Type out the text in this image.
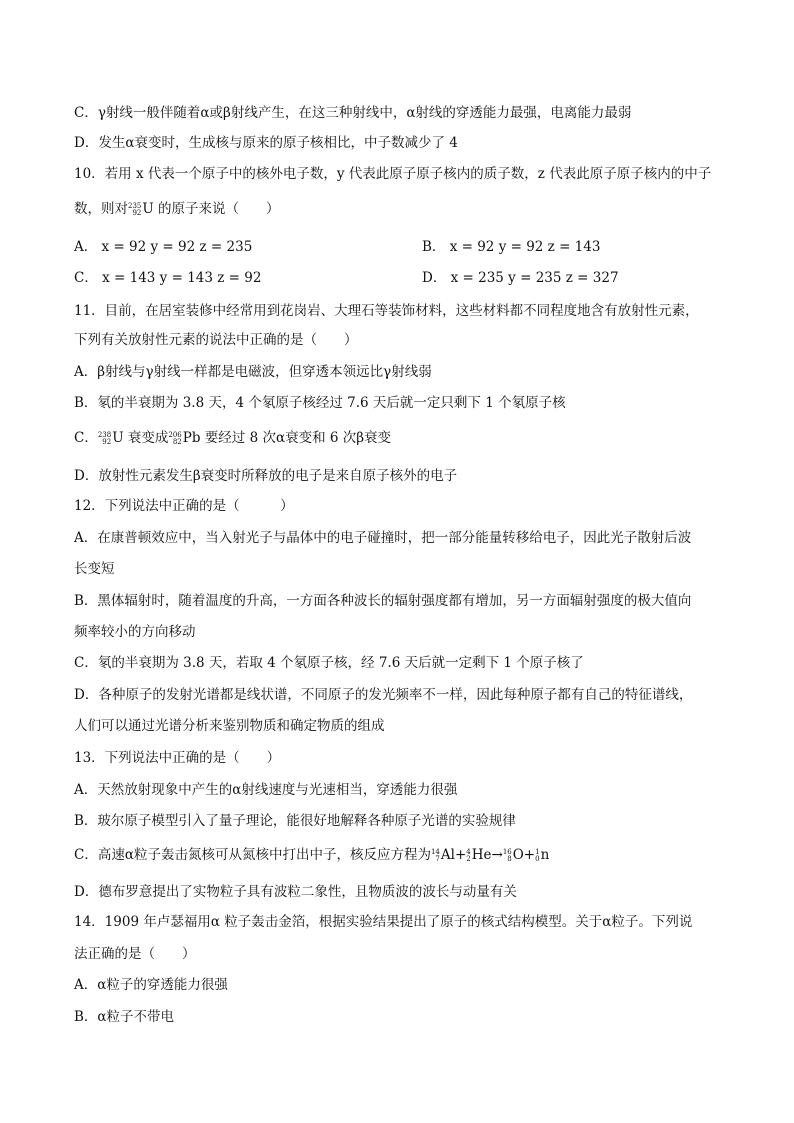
C．γ射线一般伴随着α或β射线产生，在这三种射线中，α射线的穿透能力最强，电离能力最弱
D．发生α衰变时，生成核与原来的原子核相比，中子数减少了 4
10．若用 x 代表一个原子中的核外电子数，y 代表此原子原子核内的质子数，z 代表此原子原子核内的中子
数，则对 235
92 U 的原子来说（　　）
A． x = 92 y = 92 z = 235	B． x = 92 y = 92 z = 143
C． x = 143 y = 143 z = 92	D． x = 235 y = 235 z = 327
11．目前，在居室装修中经常用到花岗岩、大理石等装饰材料，这些材料都不同程度地含有放射性元素，
下列有关放射性元素的说法中正确的是（　　）
A．β射线与γ射线一样都是电磁波，但穿透本领远比γ射线弱
B．氡的半衰期为 3.8 天，4 个氡原子核经过 7.6 天后就一定只剩下 1 个氡原子核
C． 238
92 U 衰变成 206
82 Pb 要经过 8 次α衰变和 6 次β衰变
D．放射性元素发生β衰变时所释放的电子是来自原子核外的电子
12．下列说法中正确的是（　　　）
A．在康普顿效应中，当入射光子与晶体中的电子碰撞时，把一部分能量转移给电子，因此光子散射后波
长变短
B．黑体辐射时，随着温度的升高，一方面各种波长的辐射强度都有增加，另一方面辐射强度的极大值向
频率较小的方向移动
C．氡的半衰期为 3.8 天，若取 4 个氡原子核，经 7.6 天后就一定剩下 1 个原子核了
D．各种原子的发射光谱都是线状谱，不同原子的发光频率不一样，因此每种原子都有自己的特征谱线，
人们可以通过光谱分析来鉴别物质和确定物质的组成
13．下列说法中正确的是（　　）
A．天然放射现象中产生的α射线速度与光速相当，穿透能力很强
B．玻尔原子模型引入了量子理论，能很好地解释各种原子光谱的实验规律
C．高速α粒子轰击氮核可从氮核中打出中子，核反应方程为 14
7 Al+ 4
2 He→ 16
8 O+ 1
0 n
D．德布罗意提出了实物粒子具有波粒二象性，且物质波的波长与动量有关
14．1909 年卢瑟福用α 粒子轰击金箔，根据实验结果提出了原子的核式结构模型。关于α粒子。下列说
法正确的是（　　）
A．α粒子的穿透能力很强
B．α粒子不带电
